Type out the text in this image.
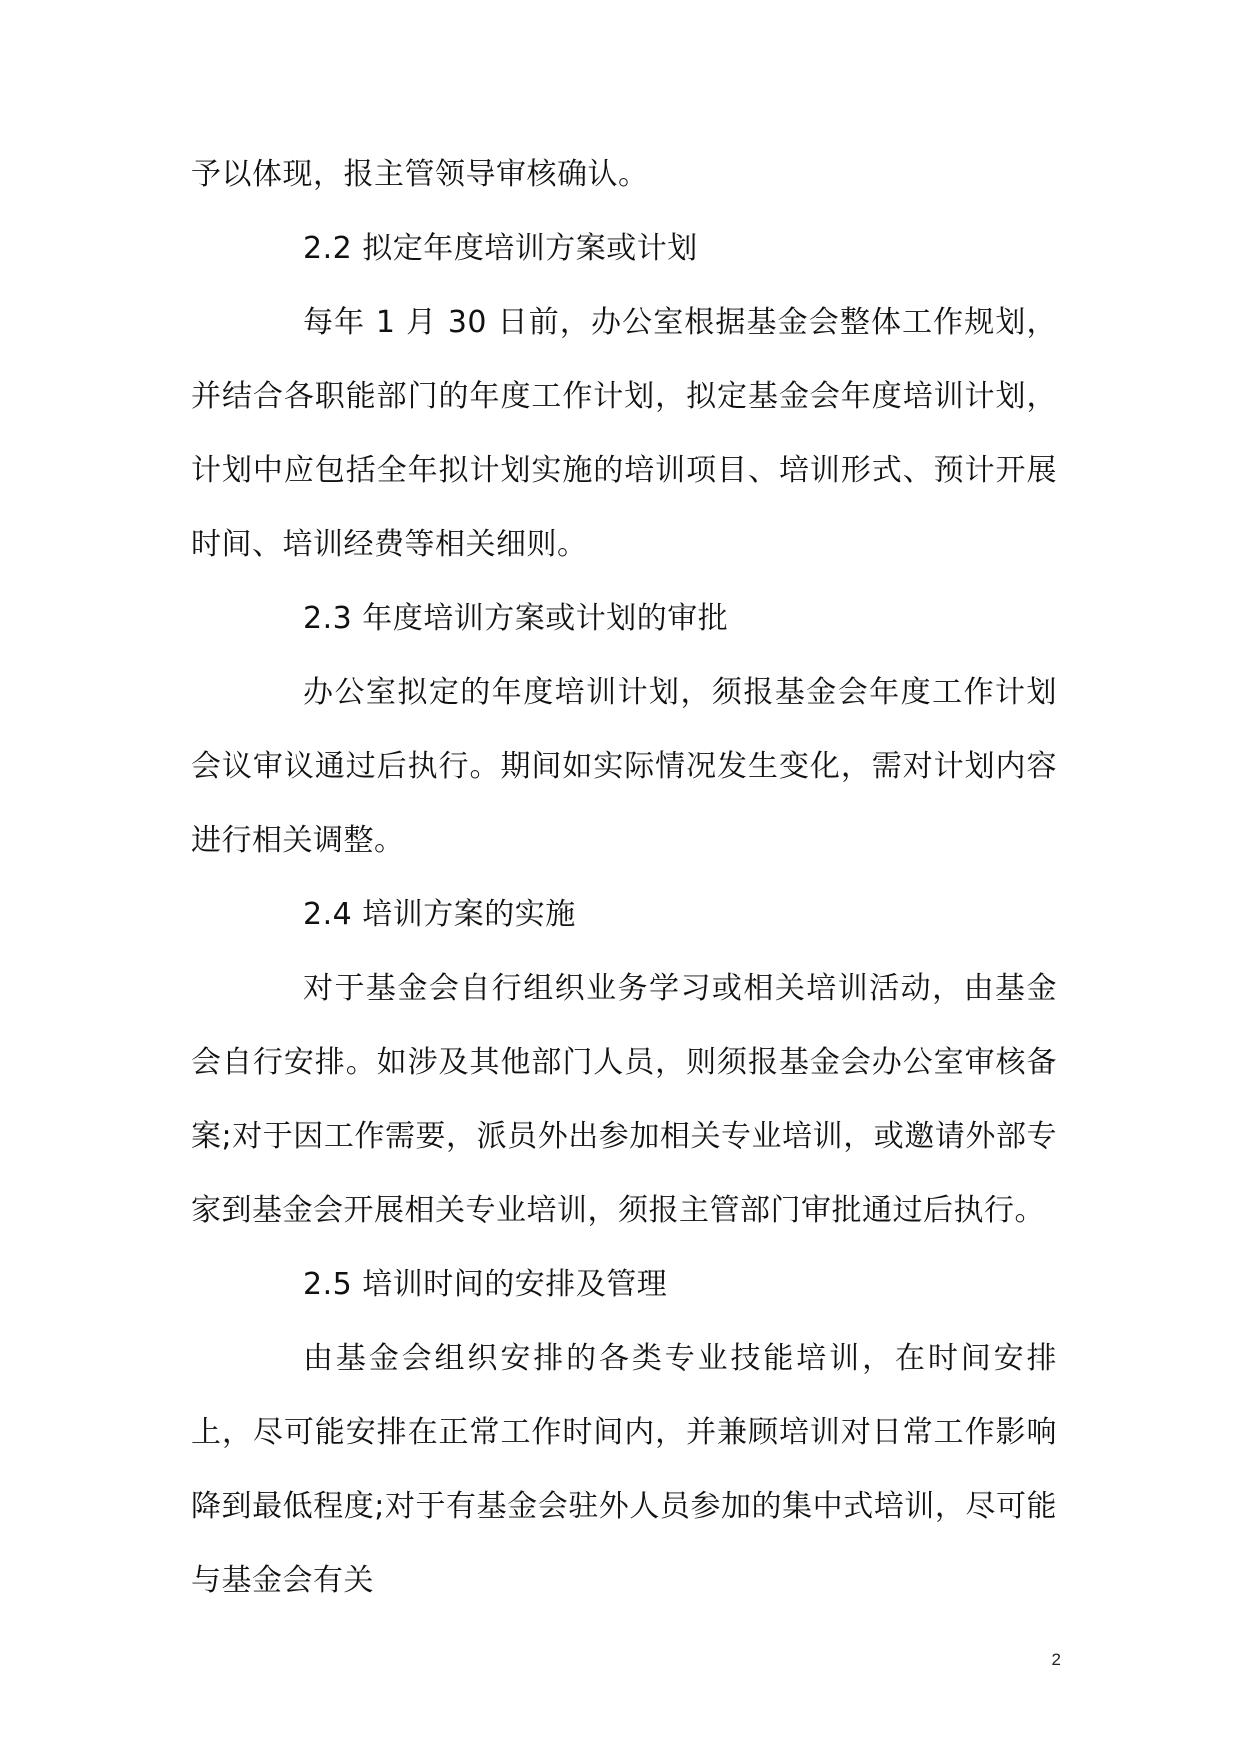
予以体现，报主管领导审核确认。

2.2 拟定年度培训方案或计划

每年 1 月 30 日前，办公室根据基金会整体工作规划，并结合各职能部门的年度工作计划，拟定基金会年度培训计划，计划中应包括全年拟计划实施的培训项目、培训形式、预计开展时间、培训经费等相关细则。

2.3 年度培训方案或计划的审批

办公室拟定的年度培训计划，须报基金会年度工作计划会议审议通过后执行。期间如实际情况发生变化，需对计划内容进行相关调整。

2.4 培训方案的实施

对于基金会自行组织业务学习或相关培训活动，由基金会自行安排。如涉及其他部门人员，则须报基金会办公室审核备案;对于因工作需要，派员外出参加相关专业培训，或邀请外部专家到基金会开展相关专业培训，须报主管部门审批通过后执行。

2.5 培训时间的安排及管理

由基金会组织安排的各类专业技能培训，在时间安排上，尽可能安排在正常工作时间内，并兼顾培训对日常工作影响降到最低程度;对于有基金会驻外人员参加的集中式培训，尽可能与基金会有关

2
